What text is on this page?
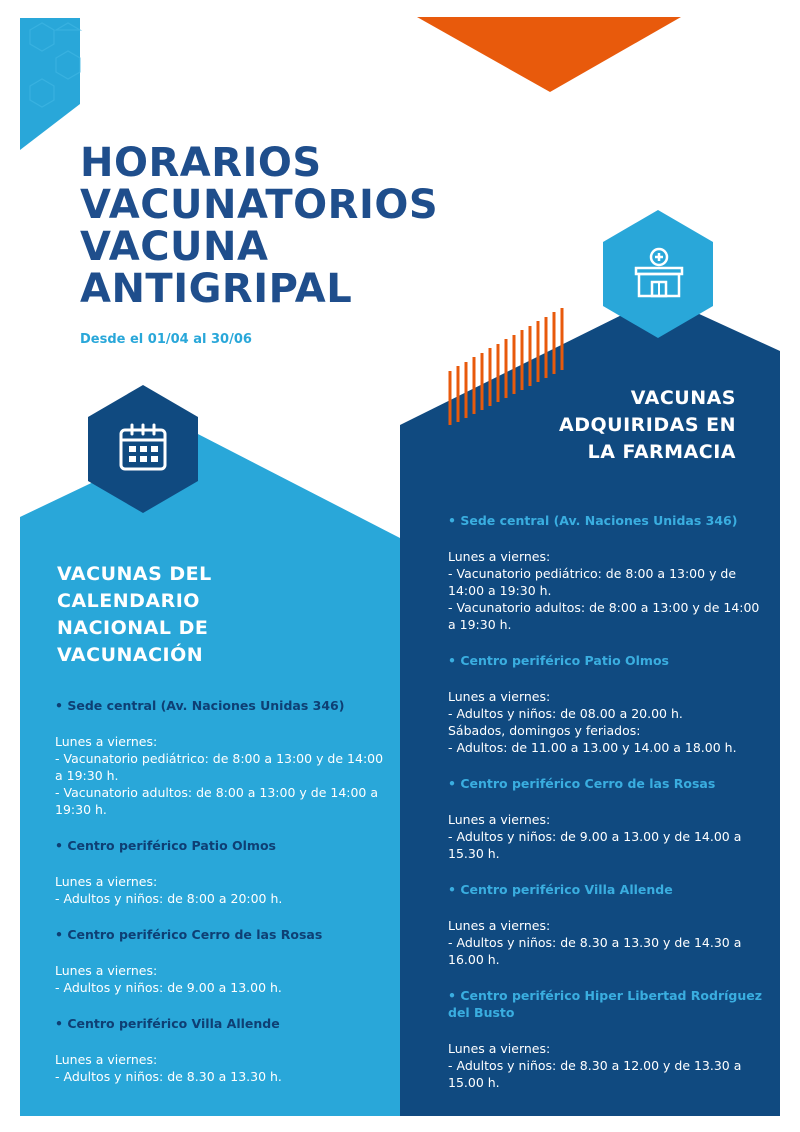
HORARIOS
VACUNATORIOS
VACUNA
ANTIGRIPAL
Desde el 01/04 al 30/06
VACUNAS
ADQUIRIDAS EN
LA FARMACIA
VACUNAS DEL
CALENDARIO
NACIONAL DE
VACUNACIÓN

• Sede central (Av. Naciones Unidas 346)

Lunes a viernes:

- Vacunatorio pediátrico: de 8:00 a 13:00 y de 14:00 a 19:30 h.

- Vacunatorio adultos: de 8:00 a 13:00 y de 14:00 a 19:30 h.

• Centro periférico Patio Olmos

Lunes a viernes:

- Adultos y niños: de 8:00 a 20:00 h.

• Centro periférico Cerro de las Rosas

Lunes a viernes:

- Adultos y niños: de 9.00 a 13.00 h.

• Centro periférico Villa Allende

Lunes a viernes:

- Adultos y niños: de 8.30 a 13.30 h.

• Sede central (Av. Naciones Unidas 346)

Lunes a viernes:

- Vacunatorio pediátrico: de 8:00 a 13:00 y de 14:00 a 19:30 h.

- Vacunatorio adultos: de 8:00 a 13:00 y de 14:00 a 19:30 h.

• Centro periférico Patio Olmos

Lunes a viernes:

- Adultos y niños: de 08.00 a 20.00 h.

Sábados, domingos y feriados:

- Adultos: de 11.00 a 13.00 y 14.00 a 18.00 h.

• Centro periférico Cerro de las Rosas

Lunes a viernes:

- Adultos y niños: de 9.00 a 13.00 y de 14.00 a 15.30 h.

• Centro periférico Villa Allende

Lunes a viernes:

- Adultos y niños: de 8.30 a 13.30 y de 14.30 a 16.00 h.

• Centro periférico Hiper Libertad Rodríguez del Busto

Lunes a viernes:

- Adultos y niños: de 8.30 a 12.00 y de 13.30 a 15.00 h.
